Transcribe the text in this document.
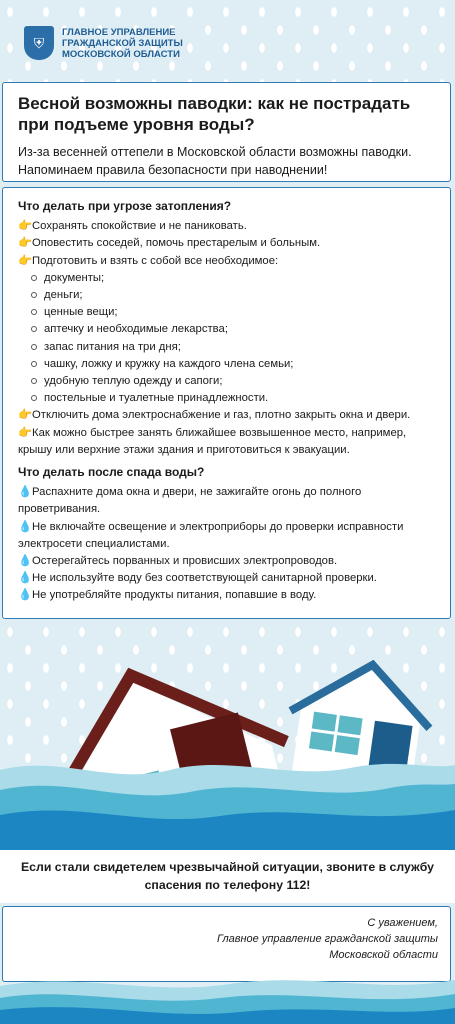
⛨
ГЛАВНОЕ УПРАВЛЕНИЕ
ГРАЖДАНСКОЙ ЗАЩИТЫ
МОСКОВСКОЙ ОБЛАСТИ
Весной возможны паводки: как не пострадать при подъеме уровня воды?

Из-за весенней оттепели в Московской области возможны паводки. Напоминаем правила безопасности при наводнении!

Что делать при угрозе затопления?
👉Сохранять спокойствие и не паниковать.
👉Оповестить соседей, помочь престарелым и больным.
👉Подготовить и взять с собой все необходимое:
документы;
деньги;
ценные вещи;
аптечку и необходимые лекарства;
запас питания на три дня;
чашку, ложку и кружку на каждого члена семьи;
удобную теплую одежду и сапоги;
постельные и туалетные принадлежности.
👉Отключить дома электроснабжение и газ, плотно закрыть окна и двери.
👉Как можно быстрее занять ближайшее возвышенное место, например, крышу или верхние этажи здания и приготовиться к эвакуации.
Что делать после спада воды?
💧Распахните дома окна и двери, не зажигайте огонь до полного проветривания.
💧Не включайте освещение и электроприборы до проверки исправности электросети специалистами.
💧Остерегайтесь порванных и провисших электропроводов.
💧Не используйте воду без соответствующей санитарной проверки.
💧Не употребляйте продукты питания, попавшие в воду.
Если стали свидетелем чрезвычайной ситуации, звоните в службу спасения по телефону 112!
С уважением,
Главное управление гражданской защиты
Московской области
